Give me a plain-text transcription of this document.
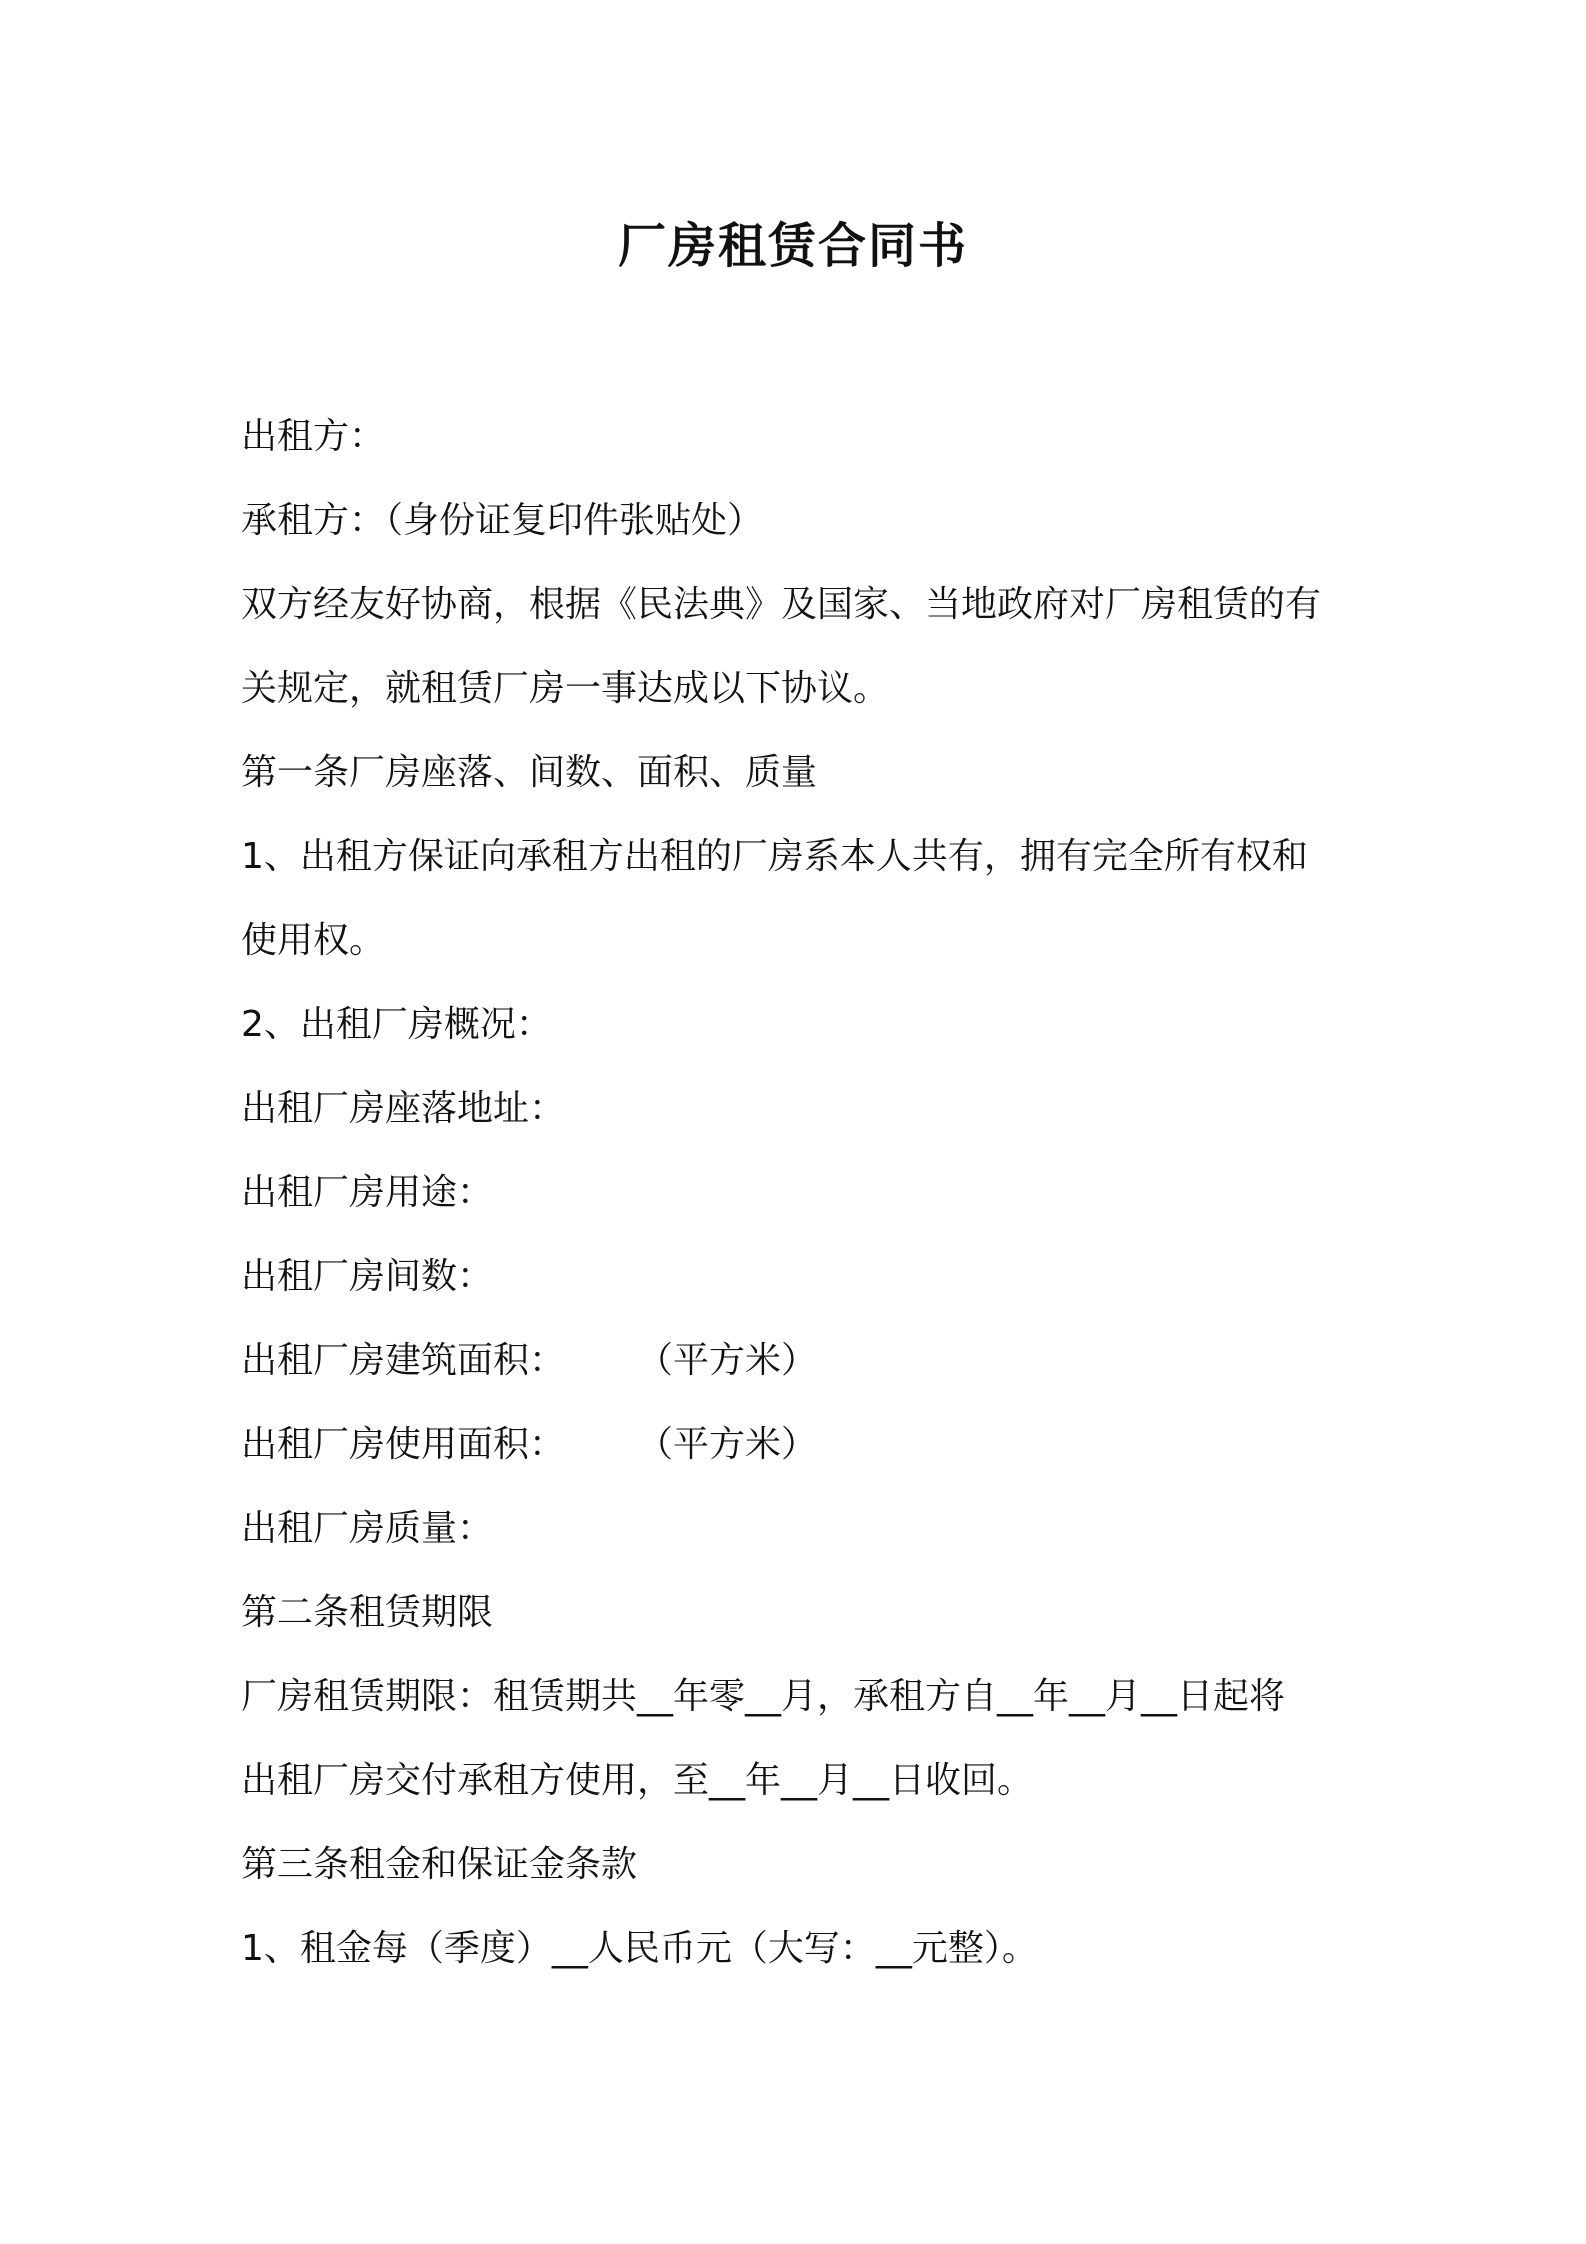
厂房租赁合同书

出租方：

承租方：（身份证复印件张贴处）

双方经友好协商，根据《民法典》及国家、当地政府对厂房租赁的有

关规定，就租赁厂房一事达成以下协议。

第一条厂房座落、间数、面积、质量

1、出租方保证向承租方出租的厂房系本人共有，拥有完全所有权和

使用权。

2、出租厂房概况：

出租厂房座落地址：

出租厂房用途：

出租厂房间数：

出租厂房建筑面积： （平方米）

出租厂房使用面积： （平方米）

出租厂房质量：

第二条租赁期限

厂房租赁期限：租赁期共__年零__月，承租方自__年__月__日起将

出租厂房交付承租方使用，至__年__月__日收回。

第三条租金和保证金条款

1、租金每（季度）__人民币元（大写：__元整）。
